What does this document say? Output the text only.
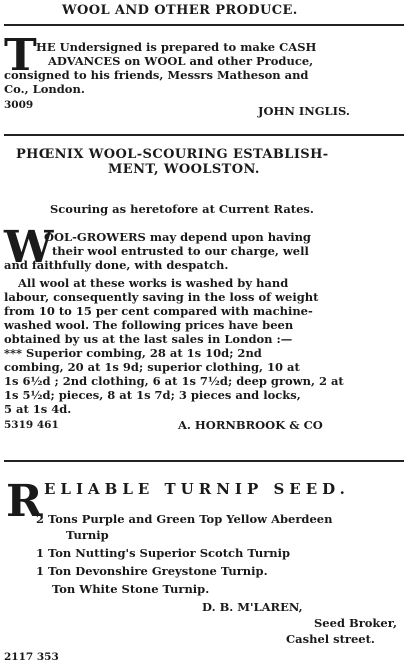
WOOL AND OTHER PRODUCE.
T HE Undersigned is prepared to make CASH
ADVANCES on WOOL and other Produce,
consigned to his friends, Messrs Matheson and
Co., London.
3009	JOHN INGLIS.
PHŒNIX WOOL-SCOURING ESTABLISH-
MENT, WOOLSTON.
Scouring as heretofore at Current Rates.
W
OOL-GROWERS may depend upon having
their wool entrusted to our charge, well
and faithfully done, with despatch.
All wool at these works is washed by hand
labour, consequently saving in the loss of weight
from 10 to 15 per cent compared with machine-
washed wool. The following prices have been
obtained by us at the last sales in London :—
*** Superior combing, 28 at 1s 10d; 2nd
combing, 20 at 1s 9d; superior clothing, 10 at
1s 6½d ; 2nd clothing, 6 at 1s 7½d; deep grown, 2 at
1s 5½d; pieces, 8 at 1s 7d; 3 pieces and locks,
5 at 1s 4d.
5319 461	A. HORNBROOK & CO
R ELIABLE TURNIP SEED.
2 Tons Purple and Green Top Yellow Aberdeen
Turnip
1 Ton Nutting's Superior Scotch Turnip
1 Ton Devonshire Greystone Turnip.
Ton White Stone Turnip.
D. B. M'LAREN,
Seed Broker,
Cashel street.
2117 353
